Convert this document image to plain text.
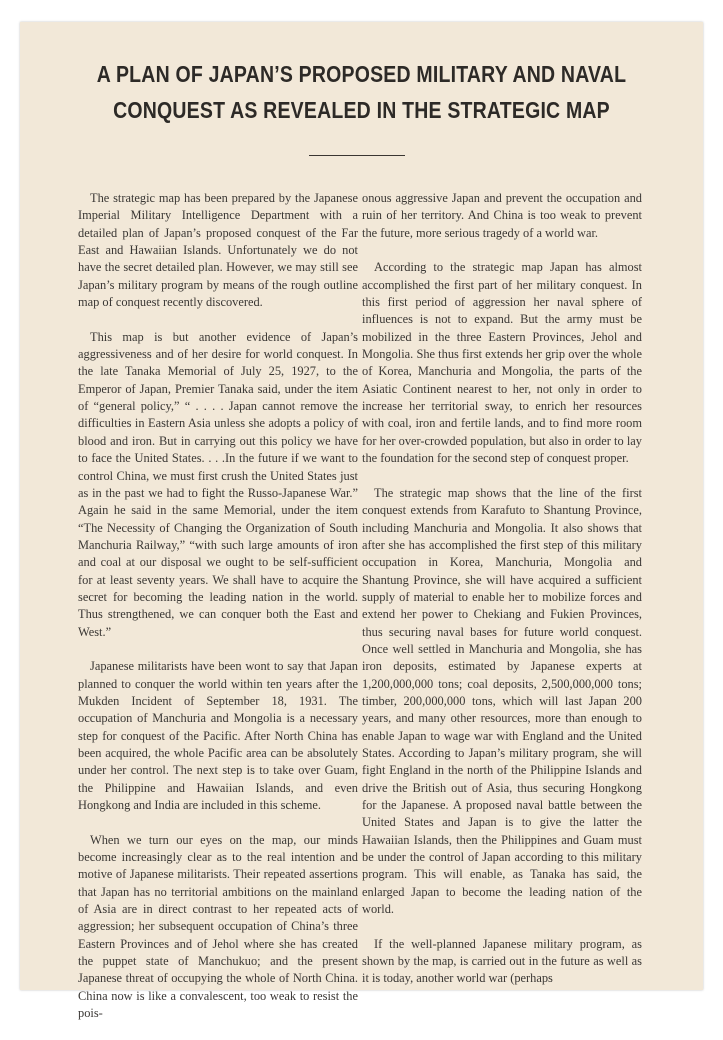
A PLAN OF JAPAN’S PROPOSED MILITARY AND NAVAL
CONQUEST AS REVEALED IN THE STRATEGIC MAP

The strategic map has been prepared by the Japanese Imperial Military Intelligence Department with a detailed plan of Japan’s proposed conquest of the Far East and Hawaiian Islands. Unfortunately we do not have the secret detailed plan. However, we may still see Japan’s military program by means of the rough outline map of conquest recently discovered.

This map is but another evidence of Japan’s aggressiveness and of her desire for world conquest. In the late Tanaka Memorial of July 25, 1927, to the Emperor of Japan, Premier Tanaka said, under the item of “general policy,” “ . . . . Japan cannot remove the difficulties in Eastern Asia unless she adopts a policy of blood and iron. But in carrying out this policy we have to face the United States. . . .In the future if we want to control China, we must first crush the United States just as in the past we had to fight the Russo-Japanese War.” Again he said in the same Memorial, under the item “The Necessity of Changing the Organization of South Manchuria Railway,” “with such large amounts of iron and coal at our disposal we ought to be self-sufficient for at least seventy years. We shall have to acquire the secret for becoming the leading nation in the world. Thus strengthened, we can conquer both the East and West.”

Japanese militarists have been wont to say that Japan planned to conquer the world within ten years after the Mukden Incident of September 18, 1931. The occupation of Manchuria and Mongolia is a necessary step for conquest of the Pacific. After North China has been acquired, the whole Pacific area can be absolutely under her control. The next step is to take over Guam, the Philippine and Hawaiian Islands, and even Hongkong and India are included in this scheme.

When we turn our eyes on the map, our minds become increasingly clear as to the real intention and motive of Japanese militarists. Their repeated assertions that Japan has no territorial ambitions on the mainland of Asia are in direct contrast to her repeated acts of aggression; her subsequent occupation of China’s three Eastern Provinces and of Jehol where she has created the puppet state of Manchukuo; and the present Japanese threat of occupying the whole of North China. China now is like a convalescent, too weak to resist the pois-

onous aggressive Japan and prevent the occupation and ruin of her territory. And China is too weak to prevent the future, more serious tragedy of a world war.

According to the strategic map Japan has almost accomplished the first part of her military conquest. In this first period of aggression her naval sphere of influences is not to expand. But the army must be mobilized in the three Eastern Provinces, Jehol and Mongolia. She thus first extends her grip over the whole of Korea, Manchuria and Mongolia, the parts of the Asiatic Continent nearest to her, not only in order to increase her territorial sway, to enrich her resources with coal, iron and fertile lands, and to find more room for her over-crowded population, but also in order to lay the foundation for the second step of conquest proper.

The strategic map shows that the line of the first conquest extends from Karafuto to Shantung Province, including Manchuria and Mongolia. It also shows that after she has accomplished the first step of this military occupation in Korea, Manchuria, Mongolia and Shantung Province, she will have acquired a sufficient supply of material to enable her to mobilize forces and extend her power to Chekiang and Fukien Provinces, thus securing naval bases for future world conquest. Once well settled in Manchuria and Mongolia, she has iron deposits, estimated by Japanese experts at 1,200,000,000 tons; coal deposits, 2,500,000,000 tons; timber, 200,000,000 tons, which will last Japan 200 years, and many other resources, more than enough to enable Japan to wage war with England and the United States. According to Japan’s military program, she will fight England in the north of the Philippine Islands and drive the British out of Asia, thus securing Hongkong for the Japanese. A proposed naval battle between the United States and Japan is to give the latter the Hawaiian Islands, then the Philippines and Guam must be under the control of Japan according to this military program. This will enable, as Tanaka has said, the enlarged Japan to become the leading nation of the world.

If the well-planned Japanese military program, as shown by the map, is carried out in the future as well as it is today, another world war (perhaps
